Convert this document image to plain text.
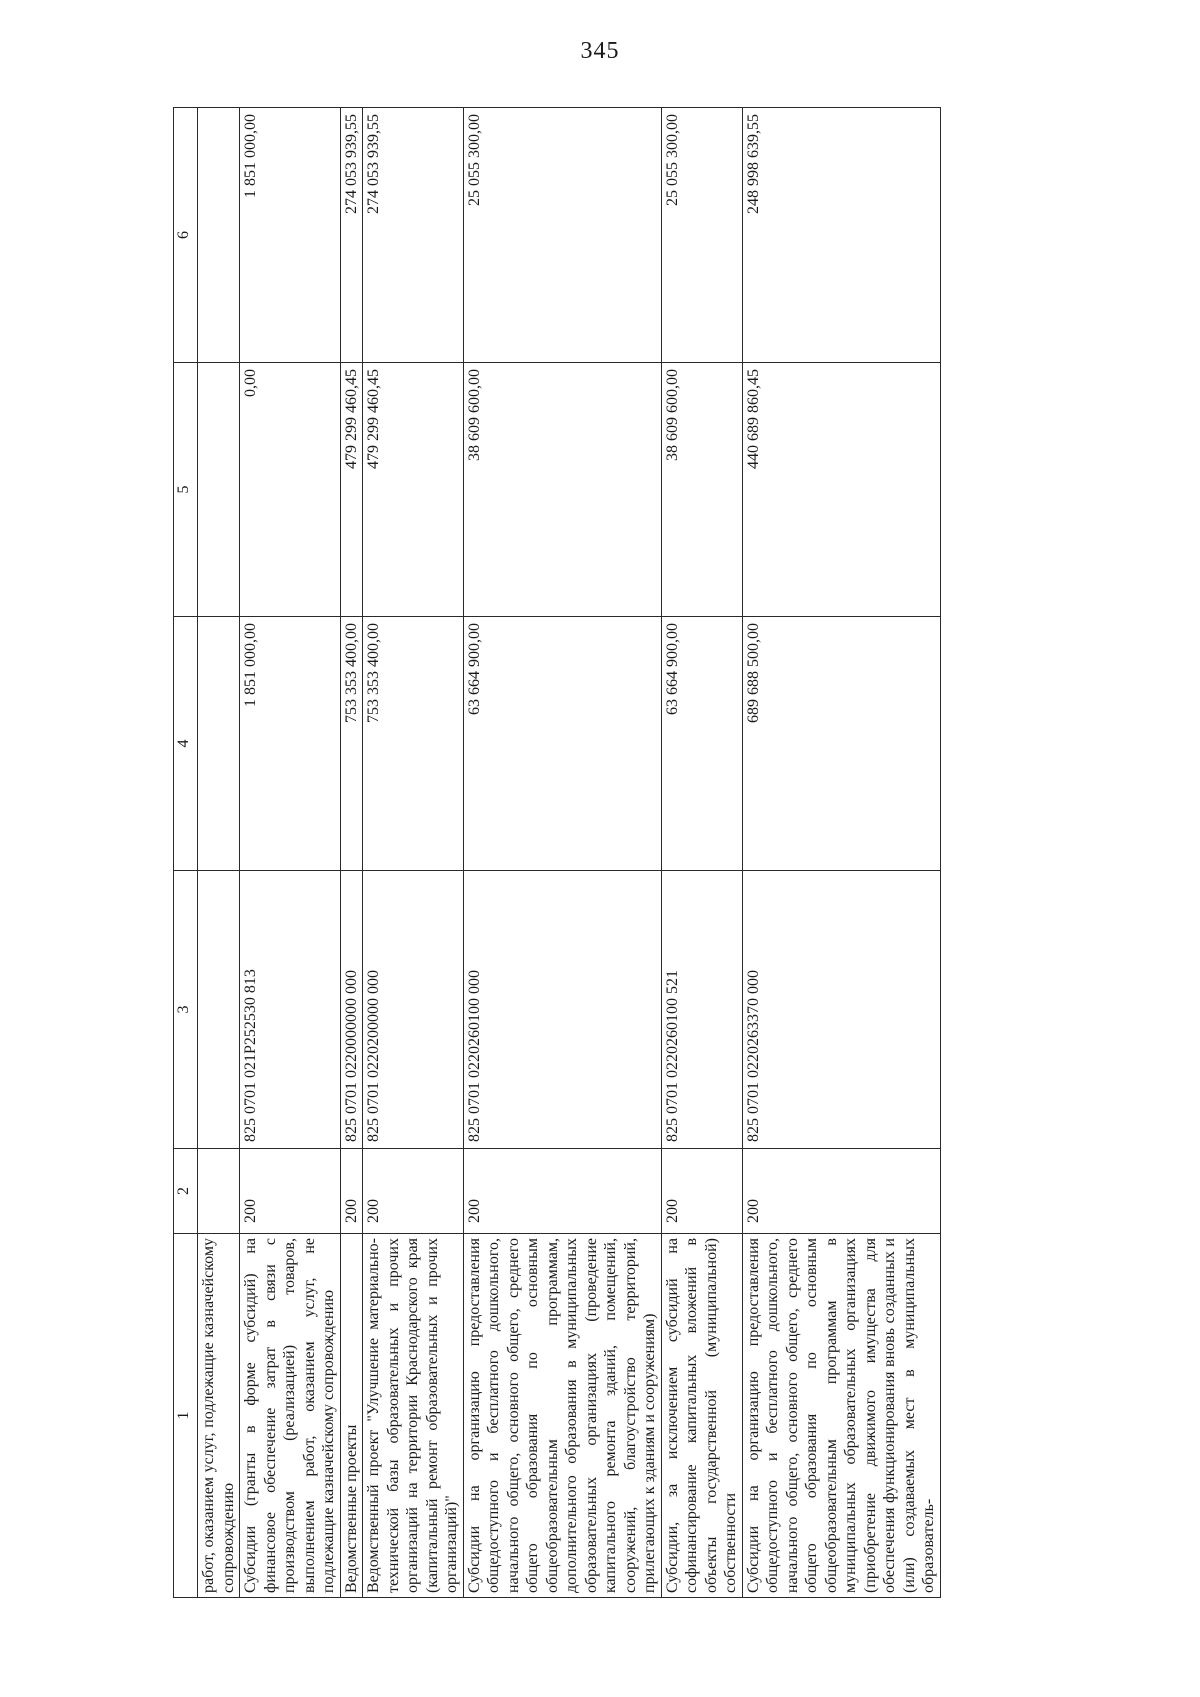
345
1	2	3	4	5	6
работ, оказанием услуг, подлежащие казначейскому сопровождению					
Субсидии (гранты в форме субсидий) на финансовое обеспечение затрат в связи с производством (реализацией) товаров, выполнением работ, оказанием услуг, не подлежащие казначейскому сопровождению	200	825 0701 021P252530 813	1 851 000,00	0,00	1 851 000,00
Ведомственные проекты	200	825 0701 0220000000 000	753 353 400,00	479 299 460,45	274 053 939,55
Ведомственный проект "Улучшение материально-технической базы образовательных и прочих организаций на территории Краснодарского края (капитальный ремонт образовательных и прочих организаций)"	200	825 0701 0220200000 000	753 353 400,00	479 299 460,45	274 053 939,55
Субсидии на организацию предоставления общедоступного и бесплатного дошкольного, начального общего, основного общего, среднего общего образования по основным общеобразовательным программам, дополнительного образования в муниципальных образовательных организациях (проведение капитального ремонта зданий, помещений, сооружений, благоустройство территорий, прилегающих к зданиям и сооружениям)	200	825 0701 0220260100 000	63 664 900,00	38 609 600,00	25 055 300,00
Субсидии, за исключением субсидий на софинансирование капитальных вложений в объекты государственной (муниципальной) собственности	200	825 0701 0220260100 521	63 664 900,00	38 609 600,00	25 055 300,00
Субсидии на организацию предоставления общедоступного и бесплатного дошкольного, начального общего, основного общего, среднего общего образования по основным общеобразовательным программам в муниципальных образовательных организациях (приобретение движимого имущества для обеспечения функционирования вновь созданных и (или) создаваемых мест в муниципальных образователь-	200	825 0701 0220263370 000	689 688 500,00	440 689 860,45	248 998 639,55
